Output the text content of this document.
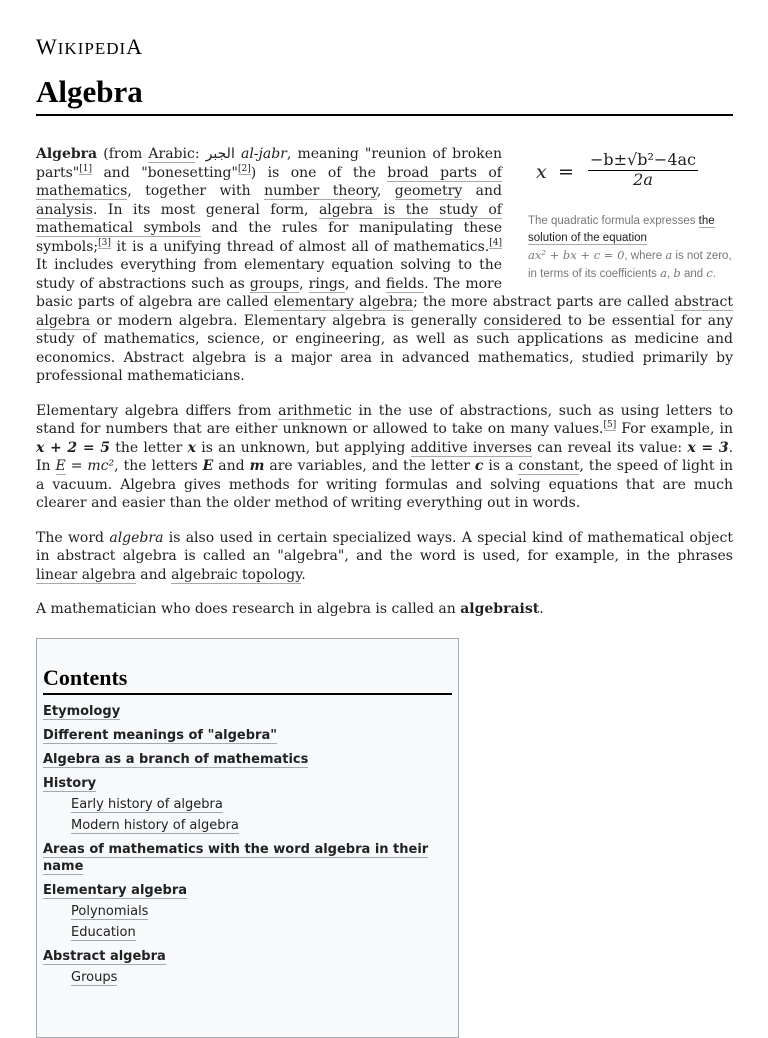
WIKIPEDIA
Algebra
$x = \frac{\text{−b±√b²−4ac}}{2a}$
The quadratic formula expresses the solution of the equation
ax² + bx + c = 0, where a is not zero, in terms of its coefficients a, b and c.

Algebra (from Arabic: الجبر al-jabr, meaning "reunion of broken parts"[1] and "bonesetting"[2]) is one of the broad parts of mathematics, together with number theory, geometry and analysis. In its most general form, algebra is the study of mathematical symbols and the rules for manipulating these symbols;[3] it is a unifying thread of almost all of mathematics.[4] It includes everything from elementary equation solving to the study of abstractions such as groups, rings, and fields. The more basic parts of algebra are called elementary algebra; the more abstract parts are called abstract algebra or modern algebra. Elementary algebra is generally considered to be essential for any study of mathematics, science, or engineering, as well as such applications as medicine and economics. Abstract algebra is a major area in advanced mathematics, studied primarily by professional mathematicians.

Elementary algebra differs from arithmetic in the use of abstractions, such as using letters to stand for numbers that are either unknown or allowed to take on many values.[5] For example, in x + 2 = 5 the letter x is an unknown, but applying additive inverses can reveal its value: x = 3. In E = mc², the letters E and m are variables, and the letter c is a constant, the speed of light in a vacuum. Algebra gives methods for writing formulas and solving equations that are much clearer and easier than the older method of writing everything out in words.

The word algebra is also used in certain specialized ways. A special kind of mathematical object in abstract algebra is called an "algebra", and the word is used, for example, in the phrases linear algebra and algebraic topology.

A mathematician who does research in algebra is called an algebraist.

Contents
Etymology
Different meanings of "algebra"
Algebra as a branch of mathematics
History
Early history of algebra
Modern history of algebra
Areas of mathematics with the word algebra in their name
Elementary algebra
Polynomials
Education
Abstract algebra
Groups
